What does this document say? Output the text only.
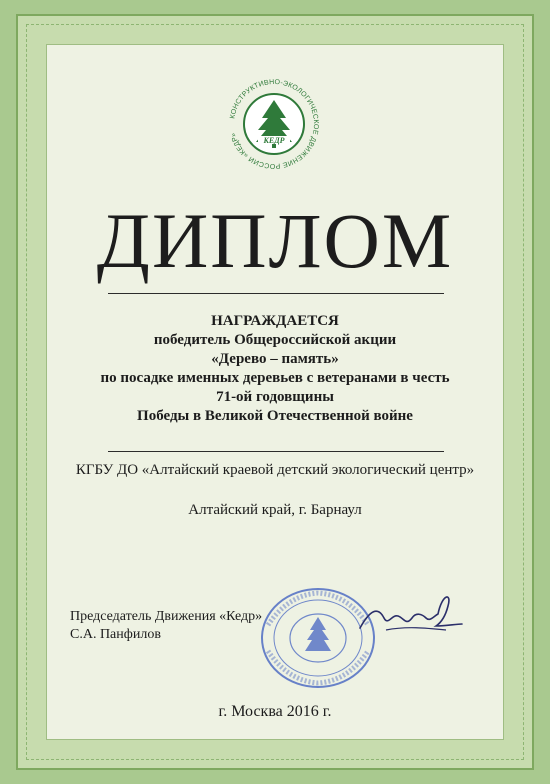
КОНСТРУКТИВНО-ЭКОЛОГИЧЕСКОЕ ДВИЖЕНИЕ РОССИИ «КЕДР»
КЕДР
ДИПЛОМ
НАГРАЖДАЕТСЯ
победитель Общероссийской акции
«Дерево – память»
по посадке именных деревьев с ветеранами в честь
71-ой годовщины
Победы в Великой Отечественной войне
КГБУ ДО «Алтайский краевой детский экологический центр»
Алтайский край, г. Барнаул
Председатель Движения «Кедр»
С.А. Панфилов
г. Москва 2016 г.
